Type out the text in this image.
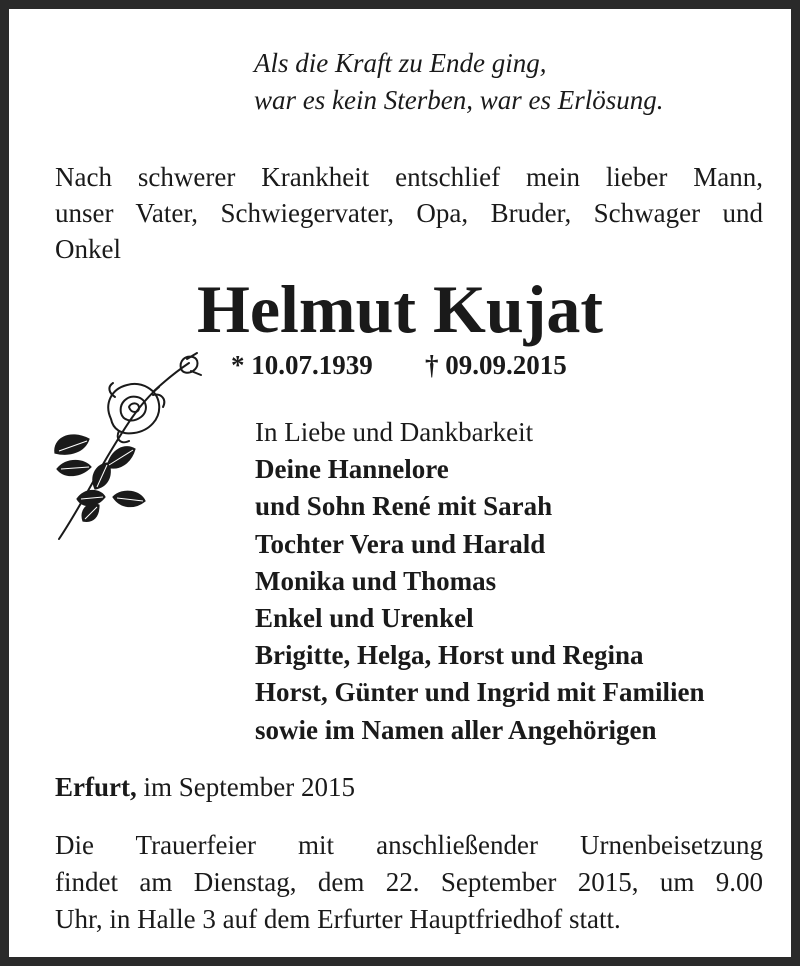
Als die Kraft zu Ende ging,
war es kein Sterben, war es Erlösung.
Nach schwerer Krankheit entschlief mein lieber Mann,
unser Vater, Schwiegervater, Opa, Bruder, Schwager und
Onkel
Helmut Kujat
* 10.07.1939 † 09.09.2015
In Liebe und Dankbarkeit
Deine Hannelore
und Sohn René mit Sarah
Tochter Vera und Harald
Monika und Thomas
Enkel und Urenkel
Brigitte, Helga, Horst und Regina
Horst, Günter und Ingrid mit Familien
sowie im Namen aller Angehörigen
Erfurt, im September 2015
Die Trauerfeier mit anschließender Urnenbeisetzung
findet am Dienstag, dem 22. September 2015, um 9.00
Uhr, in Halle 3 auf dem Erfurter Hauptfriedhof statt.
